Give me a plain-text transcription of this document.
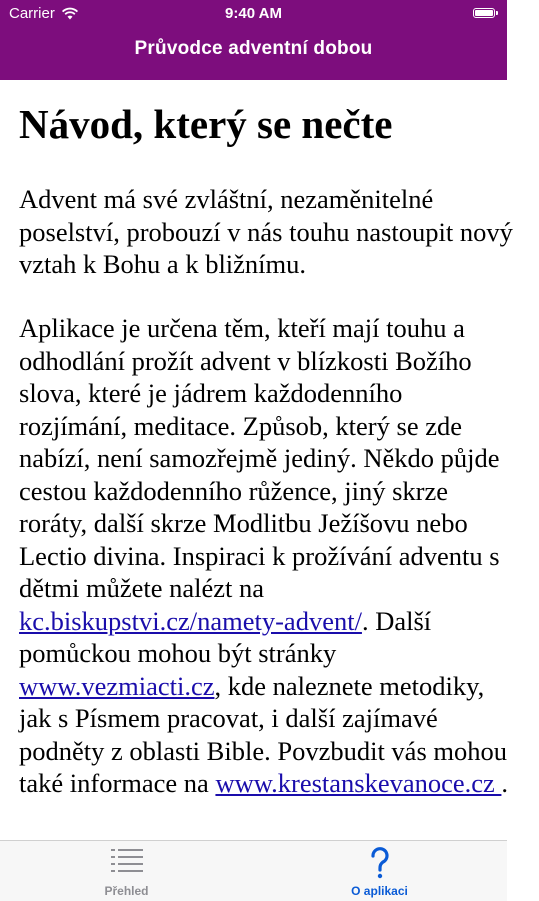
Carrier	9:40 AM
Průvodce adventní dobou
Návod, který se nečte

Advent má své zvláštní, nezaměnitelné poselství, probouzí v nás touhu nastoupit nový vztah k Bohu a k bližnímu.

Aplikace je určena těm, kteří mají touhu a odhodlání prožít advent v blízkosti Božího slova, které je jádrem každodenního rozjímání, meditace. Způsob, který se zde nabízí, není samozřejmě jediný. Někdo půjde cestou každodenního růžence, jiný skrze roráty, další skrze Modlitbu Ježíšovu nebo Lectio divina. Inspiraci k prožívání adventu s dětmi můžete nalézt na kc.biskupstvi.cz/namety-advent/. Další pomůckou mohou být stránky www.vezmiacti.cz, kde naleznete metodiky, jak s Písmem pracovat, i další zajímavé podněty z oblasti Bible. Povzbudit vás mohou také informace na www.krestanskevanoce.cz .

Přehled	O aplikaci
